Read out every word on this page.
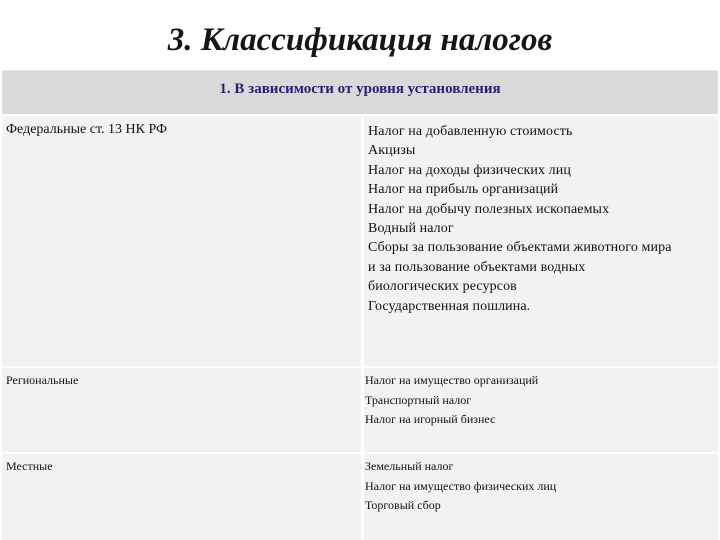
3. Классификация налогов
1. В зависимости от уровня установления
Федеральные ст. 13 НК РФ	Налог на добавленную стоимость
Акцизы
Налог на доходы физических лиц
Налог на прибыль организаций
Налог на добычу полезных ископаемых
Водный налог
Сборы за пользование объектами животного мира
и за пользование объектами водных
биологических ресурсов
Государственная пошлина.
Региональные	Налог на имущество организаций
Транспортный налог
Налог на игорный бизнес
Местные	Земельный налог
Налог на имущество физических лиц
Торговый сбор
